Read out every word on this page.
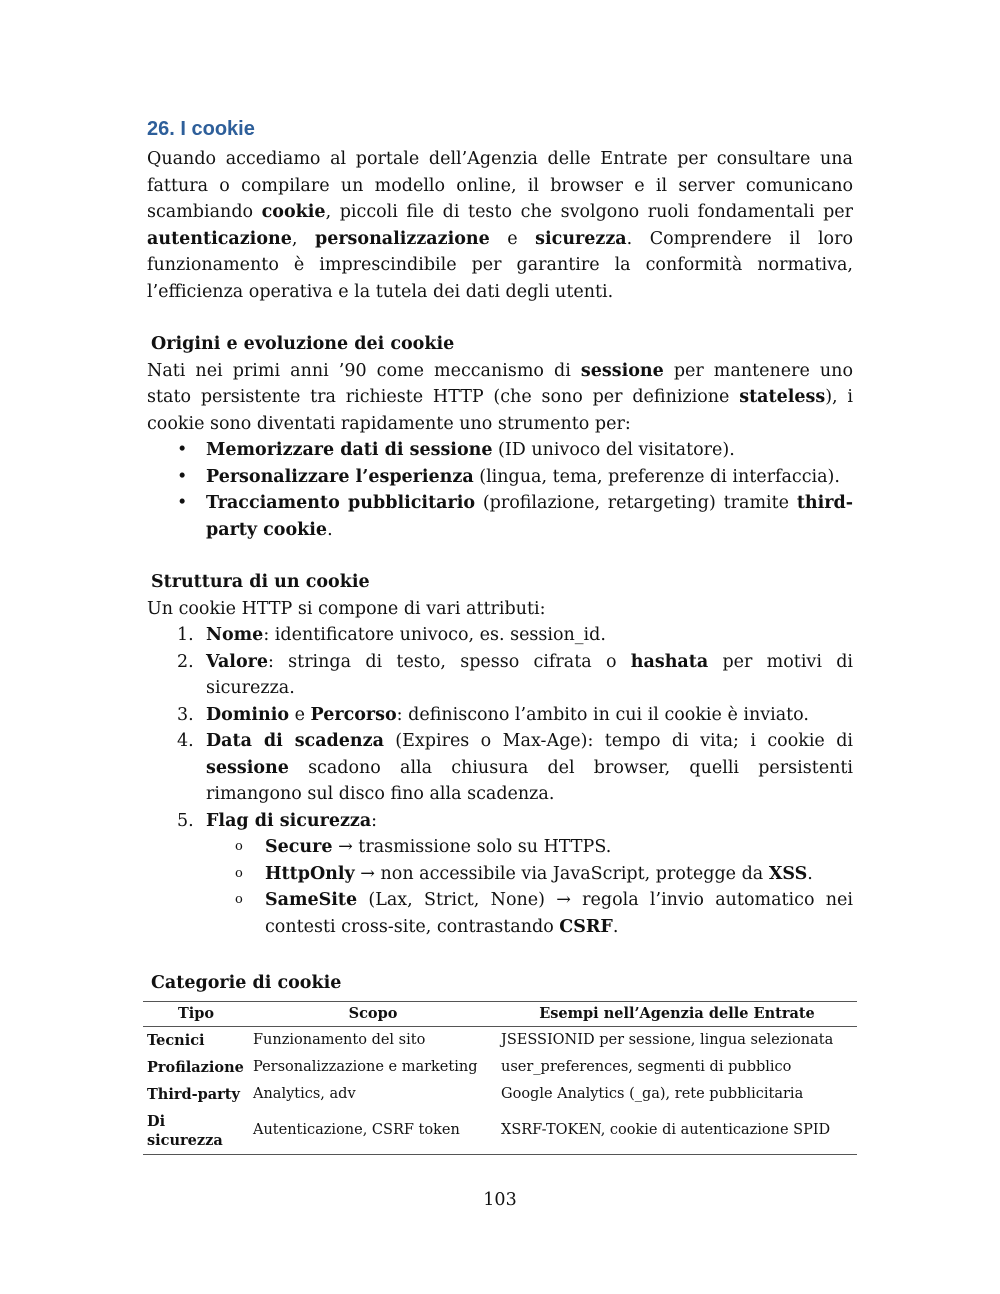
26. I cookie

Quando accediamo al portale dell’Agenzia delle Entrate per consultare una fattura o compilare un modello online, il browser e il server comunicano scambiando cookie, piccoli file di testo che svolgono ruoli fondamentali per autenticazione, personalizzazione e sicurezza. Comprendere il loro funzionamento è imprescindibile per garantire la conformità normativa, l’efficienza operativa e la tutela dei dati degli utenti.

Origini e evoluzione dei cookie

Nati nei primi anni ’90 come meccanismo di sessione per mantenere uno stato persistente tra richieste HTTP (che sono per definizione stateless), i cookie sono diventati rapidamente uno strumento per:

• Memorizzare dati di sessione (ID univoco del visitatore).
• Personalizzare l’esperienza (lingua, tema, preferenze di interfaccia).
• Tracciamento pubblicitario (profilazione, retargeting) tramite third-party cookie.
Struttura di un cookie

Un cookie HTTP si compone di vari attributi:

1. Nome: identificatore univoco, es. session_id.
2. Valore: stringa di testo, spesso cifrata o hashata per motivi di sicurezza.
3. Dominio e Percorso: definiscono l’ambito in cui il cookie è inviato.
4. Data di scadenza (Expires o Max-Age): tempo di vita; i cookie di sessione scadono alla chiusura del browser, quelli persistenti rimangono sul disco fino alla scadenza.
5. Flag di sicurezza:
o Secure → trasmissione solo su HTTPS.
o HttpOnly → non accessibile via JavaScript, protegge da XSS.
o SameSite (Lax, Strict, None) → regola l’invio automatico nei contesti cross-site, contrastando CSRF.
Categorie di cookie
Tipo	Scopo	Esempi nell’Agenzia delle Entrate
Tecnici	Funzionamento del sito	JSESSIONID per sessione, lingua selezionata
Profilazione	Personalizzazione e marketing	user_preferences, segmenti di pubblico
Third-party	Analytics, adv	Google Analytics (_ga), rete pubblicitaria
Di sicurezza	Autenticazione, CSRF token	XSRF-TOKEN, cookie di autenticazione SPID
103
